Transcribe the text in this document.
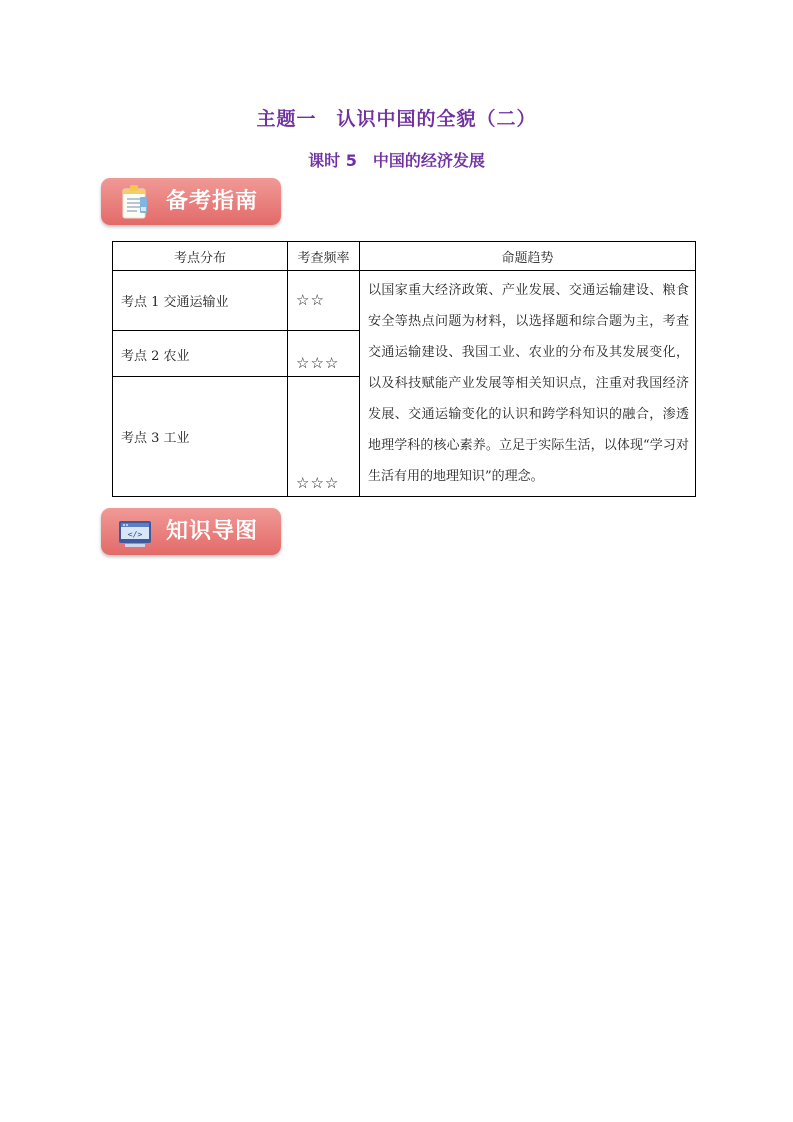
主题一　认识中国的全貌（二）
课时 5　中国的经济发展
备考指南
考点分布	考查频率	命题趋势
考点 1 交通运输业	☆☆	以国家重大经济政策、产业发展、交通运输建设、粮食安全等热点问题为材料，以选择题和综合题为主，考查交通运输建设、我国工业、农业的分布及其发展变化，以及科技赋能产业发展等相关知识点，注重对我国经济发展、交通运输变化的认识和跨学科知识的融合，渗透地理学科的核心素养。立足于实际生活，以体现“学习对生活有用的地理知识”的理念。
考点 2 农业	☆☆☆	
考点 3 工业	☆☆☆	
</> 知识导图
